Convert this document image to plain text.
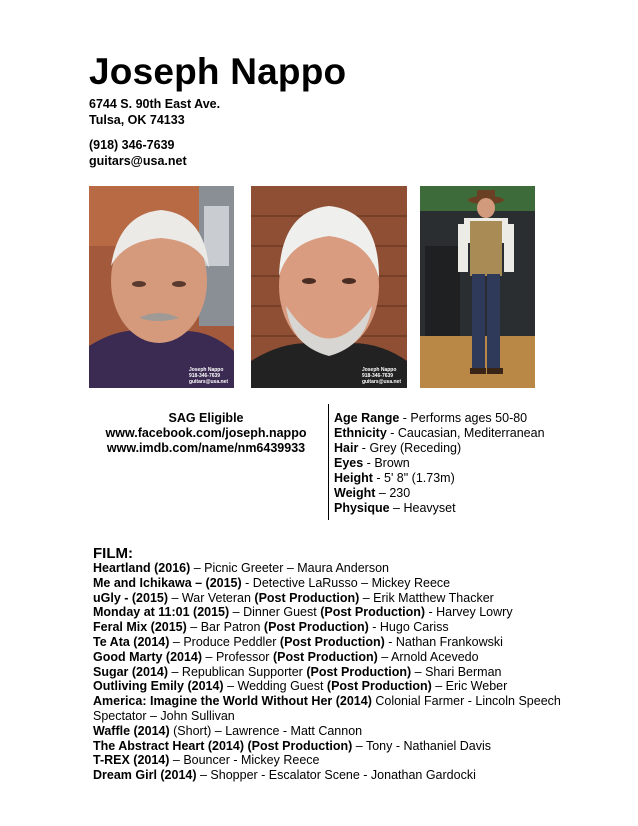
Joseph Nappo
6744 S. 90th East Ave.
Tulsa, OK 74133
(918) 346-7639
guitars@usa.net
Joseph Nappo
918-346-7639
guitars@usa.net
Joseph Nappo
918-346-7639
guitars@usa.net
SAG Eligible
www.facebook.com/joseph.nappo
www.imdb.com/name/nm6439933
Age Range - Performs ages 50-80
Ethnicity - Caucasian, Mediterranean
Hair - Grey (Receding)
Eyes - Brown
Height - 5' 8" (1.73m)
Weight – 230
Physique – Heavyset
FILM:
Heartland (2016) – Picnic Greeter – Maura Anderson
Me and Ichikawa – (2015) - Detective LaRusso – Mickey Reece
uGly - (2015) – War Veteran (Post Production) – Erik Matthew Thacker
Monday at 11:01 (2015) – Dinner Guest (Post Production) - Harvey Lowry
Feral Mix (2015) – Bar Patron (Post Production) - Hugo Cariss
Te Ata (2014) – Produce Peddler (Post Production) - Nathan Frankowski
Good Marty (2014) – Professor (Post Production) – Arnold Acevedo
Sugar (2014) – Republican Supporter (Post Production) – Shari Berman
Outliving Emily (2014) – Wedding Guest (Post Production) – Eric Weber
America: Imagine the World Without Her (2014) Colonial Farmer - Lincoln Speech Spectator – John Sullivan
Waffle (2014) (Short) – Lawrence - Matt Cannon
The Abstract Heart (2014) (Post Production) – Tony - Nathaniel Davis
T-REX (2014) – Bouncer - Mickey Reece
Dream Girl (2014) – Shopper - Escalator Scene - Jonathan Gardocki
